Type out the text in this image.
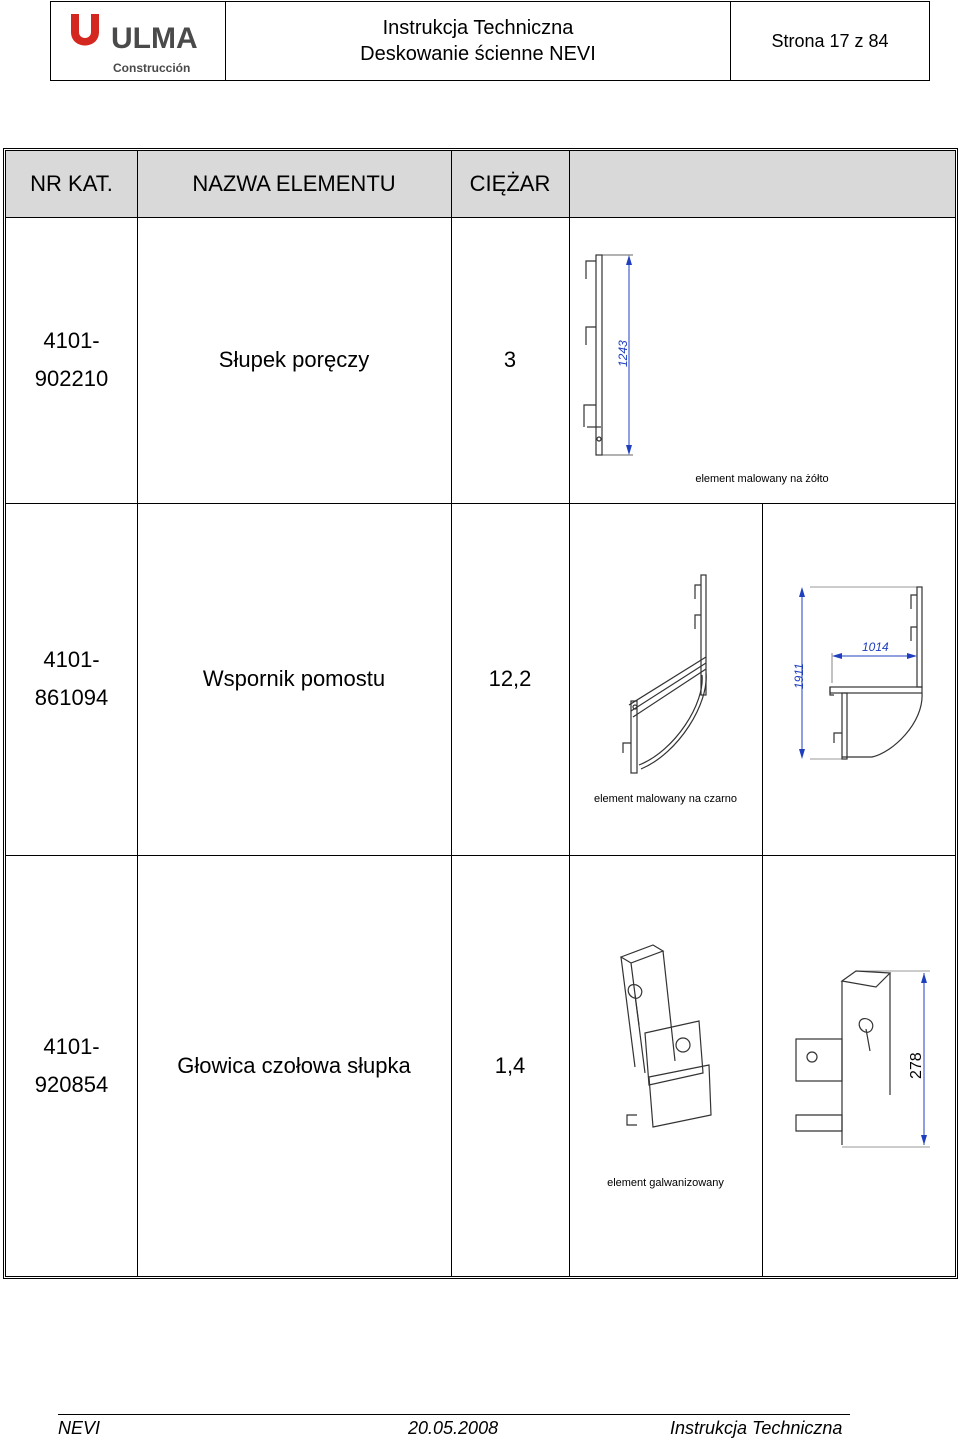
ULMA
Construcción
Instrukcja Techniczna
Deskowanie ścienne NEVI
Strona 17 z 84
NR KAT.	NAZWA ELEMENTU	CIĘŻAR
4101-
902210
Słupek poręczy	3	1243
element malowany na żółto
4101-
861094
Wspornik pomostu	12,2	1911
1014
element malowany na czarno
4101-
920854
Głowica czołowa słupka	1,4	278
element galwanizowany
NEVI	20.05.2008	Instrukcja Techniczna
